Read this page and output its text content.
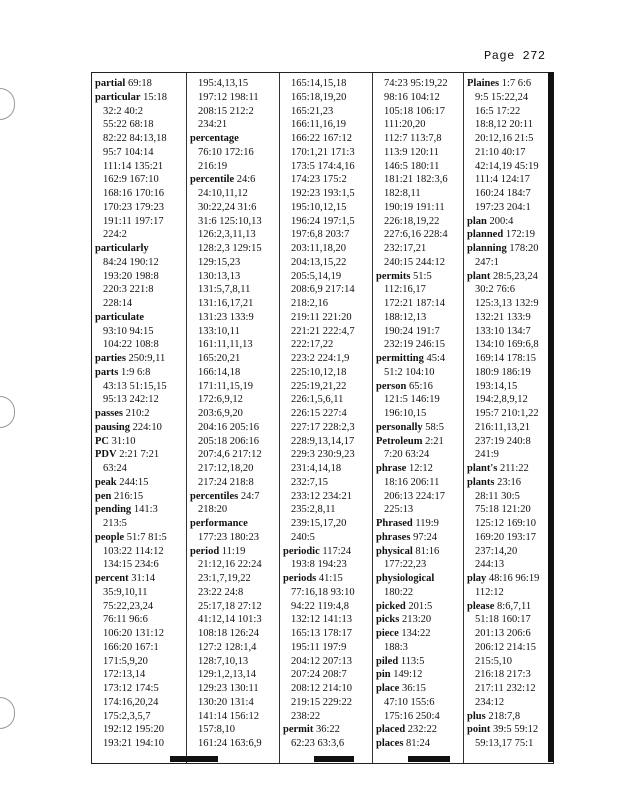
Page 272
partial 69:18
particular 15:18
32:2 40:2
55:22 68:18
82:22 84:13,18
95:7 104:14
111:14 135:21
162:9 167:10
168:16 170:16
170:23 179:23
191:11 197:17
224:2
particularly
84:24 190:12
193:20 198:8
220:3 221:8
228:14
particulate
93:10 94:15
104:22 108:8
parties 250:9,11
parts 1:9 6:8
43:13 51:15,15
95:13 242:12
passes 210:2
pausing 224:10
PC 31:10
PDV 2:21 7:21
63:24
peak 244:15
pen 216:15
pending 141:3
213:5
people 51:7 81:5
103:22 114:12
134:15 234:6
percent 31:14
35:9,10,11
75:22,23,24
76:11 96:6
106:20 131:12
166:20 167:1
171:5,9,20
172:13,14
173:12 174:5
174:16,20,24
175:2,3,5,7
192:12 195:20
193:21 194:10
195:4,13,15
197:12 198:11
208:15 212:2
234:21
percentage
76:10 172:16
216:19
percentile 24:6
24:10,11,12
30:22,24 31:6
31:6 125:10,13
126:2,3,11,13
128:2,3 129:15
129:15,23
130:13,13
131:5,7,8,11
131:16,17,21
131:23 133:9
133:10,11
161:11,11,13
165:20,21
166:14,18
171:11,15,19
172:6,9,12
203:6,9,20
204:16 205:16
205:18 206:16
207:4,6 217:12
217:12,18,20
217:24 218:8
percentiles 24:7
218:20
performance
177:23 180:23
period 11:19
21:12,16 22:24
23:1,7,19,22
23:22 24:8
25:17,18 27:12
41:12,14 101:3
108:18 126:24
127:2 128:1,4
128:7,10,13
129:1,2,13,14
129:23 130:11
130:20 131:4
141:14 156:12
157:8,10
161:24 163:6,9
165:14,15,18
165:18,19,20
165:21,23
166:11,16,19
166:22 167:12
170:1,21 171:3
173:5 174:4,16
174:23 175:2
192:23 193:1,5
195:10,12,15
196:24 197:1,5
197:6,8 203:7
203:11,18,20
204:13,15,22
205:5,14,19
208:6,9 217:14
218:2,16
219:11 221:20
221:21 222:4,7
222:17,22
223:2 224:1,9
225:10,12,18
225:19,21,22
226:1,5,6,11
226:15 227:4
227:17 228:2,3
228:9,13,14,17
229:3 230:9,23
231:4,14,18
232:7,15
233:12 234:21
235:2,8,11
239:15,17,20
240:5
periodic 117:24
193:8 194:23
periods 41:15
77:16,18 93:10
94:22 119:4,8
132:12 141:13
165:13 178:17
195:11 197:9
204:12 207:13
207:24 208:7
208:12 214:10
219:15 229:22
238:22
permit 36:22
62:23 63:3,6
74:23 95:19,22
98:16 104:12
105:18 106:17
111:20,20
112:7 113:7,8
113:9 120:11
146:5 180:11
181:21 182:3,6
182:8,11
190:19 191:11
226:18,19,22
227:6,16 228:4
232:17,21
240:15 244:12
permits 51:5
112:16,17
172:21 187:14
188:12,13
190:24 191:7
232:19 246:15
permitting 45:4
51:2 104:10
person 65:16
121:5 146:19
196:10,15
personally 58:5
Petroleum 2:21
7:20 63:24
phrase 12:12
18:16 206:11
206:13 224:17
225:13
Phrased 119:9
phrases 97:24
physical 81:16
177:22,23
physiological
180:22
picked 201:5
picks 213:20
piece 134:22
188:3
piled 113:5
pin 149:12
place 36:15
47:10 155:6
175:16 250:4
placed 232:22
places 81:24
Plaines 1:7 6:6
9:5 15:22,24
16:5 17:22
18:8,12 20:11
20:12,16 21:5
21:10 40:17
42:14,19 45:19
111:4 124:17
160:24 184:7
197:23 204:1
plan 200:4
planned 172:19
planning 178:20
247:1
plant 28:5,23,24
30:2 76:6
125:3,13 132:9
132:21 133:9
133:10 134:7
134:10 169:6,8
169:14 178:15
180:9 186:19
193:14,15
194:2,8,9,12
195:7 210:1,22
216:11,13,21
237:19 240:8
241:9
plant's 211:22
plants 23:16
28:11 30:5
75:18 121:20
125:12 169:10
169:20 193:17
237:14,20
244:13
play 48:16 96:19
112:12
please 8:6,7,11
51:18 160:17
201:13 206:6
206:12 214:15
215:5,10
216:18 217:3
217:11 232:12
234:12
plus 218:7,8
point 39:5 59:12
59:13,17 75:1
